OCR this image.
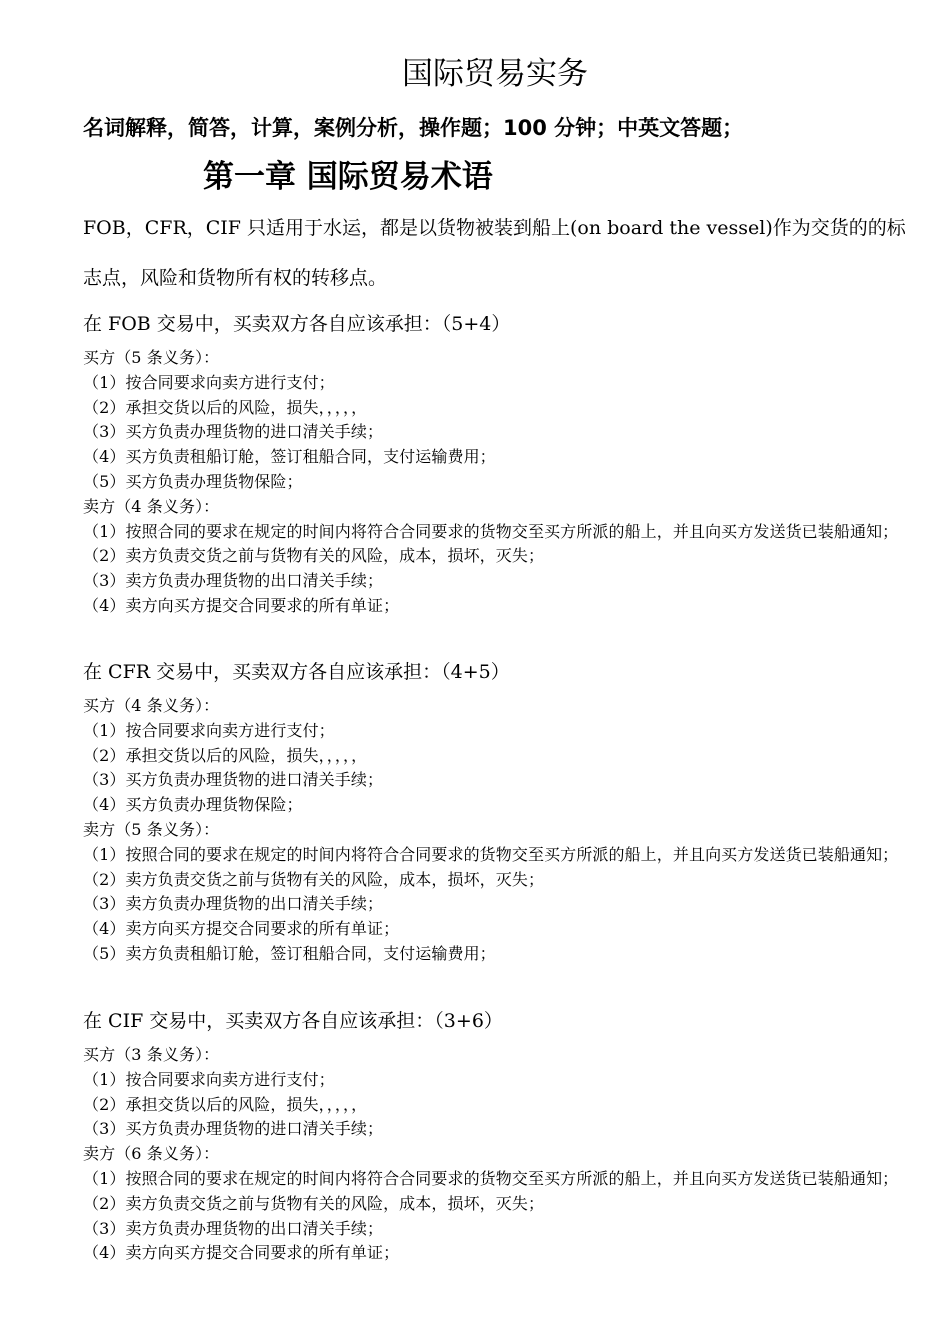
国际贸易实务
名词解释，简答，计算，案例分析，操作题；100 分钟；中英文答题；
第一章 国际贸易术语
FOB，CFR，CIF 只适用于水运，都是以货物被装到船上(on board the vessel)作为交货的的标志点，风险和货物所有权的转移点。
在 FOB 交易中，买卖双方各自应该承担：（5+4）
买方（5 条义务）：
（1）按合同要求向卖方进行支付；
（2）承担交货以后的风险，损失，，，，，
（3）买方负责办理货物的进口清关手续；
（4）买方负责租船订舱，签订租船合同，支付运输费用；
（5）买方负责办理货物保险；
卖方（4 条义务）：
（1）按照合同的要求在规定的时间内将符合合同要求的货物交至买方所派的船上，并且向买方发送货已装船通知；
（2）卖方负责交货之前与货物有关的风险，成本，损坏，灭失；
（3）卖方负责办理货物的出口清关手续；
（4）卖方向买方提交合同要求的所有单证；
在 CFR 交易中，买卖双方各自应该承担：（4+5）
买方（4 条义务）：
（1）按合同要求向卖方进行支付；
（2）承担交货以后的风险，损失，，，，，
（3）买方负责办理货物的进口清关手续；
（4）买方负责办理货物保险；
卖方（5 条义务）：
（1）按照合同的要求在规定的时间内将符合合同要求的货物交至买方所派的船上，并且向买方发送货已装船通知；
（2）卖方负责交货之前与货物有关的风险，成本，损坏，灭失；
（3）卖方负责办理货物的出口清关手续；
（4）卖方向买方提交合同要求的所有单证；
（5）卖方负责租船订舱，签订租船合同，支付运输费用；
在 CIF 交易中，买卖双方各自应该承担：（3+6）
买方（3 条义务）：
（1）按合同要求向卖方进行支付；
（2）承担交货以后的风险，损失，，，，，
（3）买方负责办理货物的进口清关手续；
卖方（6 条义务）：
（1）按照合同的要求在规定的时间内将符合合同要求的货物交至买方所派的船上，并且向买方发送货已装船通知；
（2）卖方负责交货之前与货物有关的风险，成本，损坏，灭失；
（3）卖方负责办理货物的出口清关手续；
（4）卖方向买方提交合同要求的所有单证；
